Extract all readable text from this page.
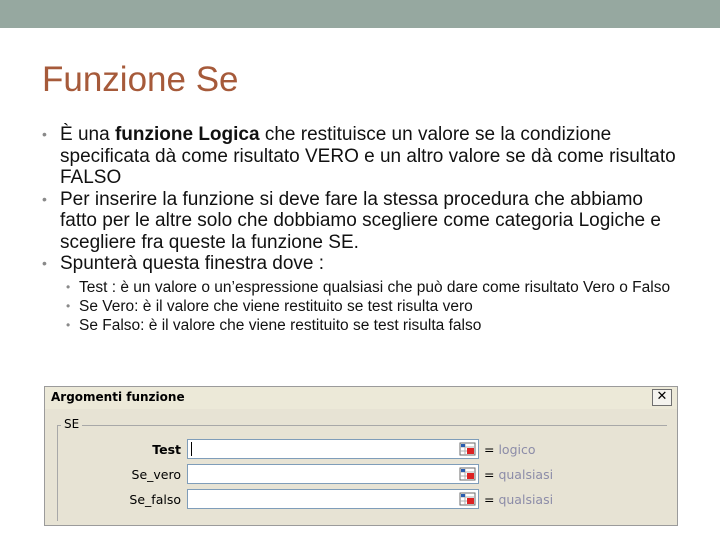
Funzione Se
• È una funzione Logica che restituisce un valore se la condizione specificata dà come risultato VERO e un altro valore se dà come risultato FALSO
• Per inserire la funzione si deve fare la stessa procedura che abbiamo fatto per le altre solo che dobbiamo scegliere come categoria Logiche e scegliere fra queste la funzione SE.
• Spunterà questa finestra dove :
• Test : è un valore o un’espressione qualsiasi che può dare come risultato Vero o Falso
• Se Vero: è il valore che viene restituito se test risulta vero
• Se Falso: è il valore che viene restituito se test risulta falso
Argomenti funzione	✕
SE
Test	= logico
Se_vero	= qualsiasi
Se_falso	= qualsiasi
